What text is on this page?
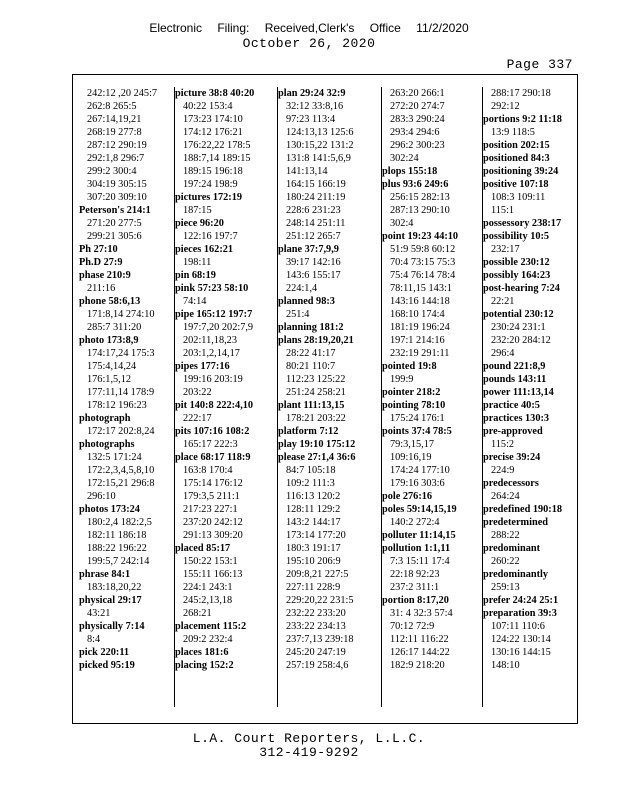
Electronic Filing: Received,Clerk's Office 11/2/2020
October 26, 2020
Page 337
242:12 ,20 245:7
262:8 265:5
267:14,19,21
268:19 277:8
287:12 290:19
292:1,8 296:7
299:2 300:4
304:19 305:15
307:20 309:10
Peterson's 214:1
271:20 277:5
299:21 305:6
Ph 27:10
Ph.D 27:9
phase 210:9
211:16
phone 58:6,13
171:8,14 274:10
285:7 311:20
photo 173:8,9
174:17,24 175:3
175:4,14,24
176:1,5,12
177:11,14 178:9
178:12 196:23
photograph
172:17 202:8,24
photographs
132:5 171:24
172:2,3,4,5,8,10
172:15,21 296:8
296:10
photos 173:24
180:2,4 182:2,5
182:11 186:18
188:22 196:22
199:5,7 242:14
phrase 84:1
183:18,20,22
physical 29:17
43:21
physically 7:14
8:4
pick 220:11
picked 95:19
picture 38:8 40:20
40:22 153:4
173:23 174:10
174:12 176:21
176:22,22 178:5
188:7,14 189:15
189:15 196:18
197:24 198:9
pictures 172:19
187:15
piece 96:20
122:16 197:7
pieces 162:21
198:11
pin 68:19
pink 57:23 58:10
74:14
pipe 165:12 197:7
197:7,20 202:7,9
202:11,18,23
203:1,2,14,17
pipes 177:16
199:16 203:19
203:22
pit 140:8 222:4,10
222:17
pits 107:16 108:2
165:17 222:3
place 68:17 118:9
163:8 170:4
175:14 176:12
179:3,5 211:1
217:23 227:1
237:20 242:12
291:13 309:20
placed 85:17
150:22 153:1
155:11 166:13
224:1 243:1
245:2,13,18
268:21
placement 115:2
209:2 232:4
places 181:6
placing 152:2
plan 29:24 32:9
32:12 33:8,16
97:23 113:4
124:13,13 125:6
130:15,22 131:2
131:8 141:5,6,9
141:13,14
164:15 166:19
180:24 211:19
228:6 231:23
248:14 251:11
251:12 265:7
plane 37:7,9,9
39:17 142:16
143:6 155:17
224:1,4
planned 98:3
251:4
planning 181:2
plans 28:19,20,21
28:22 41:17
80:21 110:7
112:23 125:22
251:24 258:21
plant 111:13,15
178:21 203:22
platform 7:12
play 19:10 175:12
please 27:1,4 36:6
84:7 105:18
109:2 111:3
116:13 120:2
128:11 129:2
143:2 144:17
173:14 177:20
180:3 191:17
195:10 206:9
209:8,21 227:5
227:11 228:9
229:20,22 231:5
232:22 233:20
233:22 234:13
237:7,13 239:18
245:20 247:19
257:19 258:4,6
263:20 266:1
272:20 274:7
283:3 290:24
293:4 294:6
296:2 300:23
302:24
plops 155:18
plus 93:6 249:6
256:15 282:13
287:13 290:10
302:4
point 19:23 44:10
51:9 59:8 60:12
70:4 73:15 75:3
75:4 76:14 78:4
78:11,15 143:1
143:16 144:18
168:10 174:4
181:19 196:24
197:1 214:16
232:19 291:11
pointed 19:8
199:9
pointer 218:2
pointing 78:10
175:24 176:1
points 37:4 78:5
79:3,15,17
109:16,19
174:24 177:10
179:16 303:6
pole 276:16
poles 59:14,15,19
140:2 272:4
polluter 11:14,15
pollution 1:1,11
7:3 15:11 17:4
22:18 92:23
237:2 311:1
portion 8:17,20
31: 4 32:3 57:4
70:12 72:9
112:11 116:22
126:17 144:22
182:9 218:20
288:17 290:18
292:12
portions 9:2 11:18
13:9 118:5
position 202:15
positioned 84:3
positioning 39:24
positive 107:18
108:3 109:11
115:1
possessory 238:17
possibility 10:5
232:17
possible 230:12
possibly 164:23
post-hearing 7:24
22:21
potential 230:12
230:24 231:1
232:20 284:12
296:4
pound 221:8,9
pounds 143:11
power 111:13,14
practice 40:5
practices 130:3
pre-approved
115:2
precise 39:24
224:9
predecessors
264:24
predefined 190:18
predetermined
288:22
predominant
260:22
predominantly
259:13
prefer 24:24 25:1
preparation 39:3
107:11 110:6
124:22 130:14
130:16 144:15
148:10
L.A. Court Reporters, L.L.C.
312-419-9292
